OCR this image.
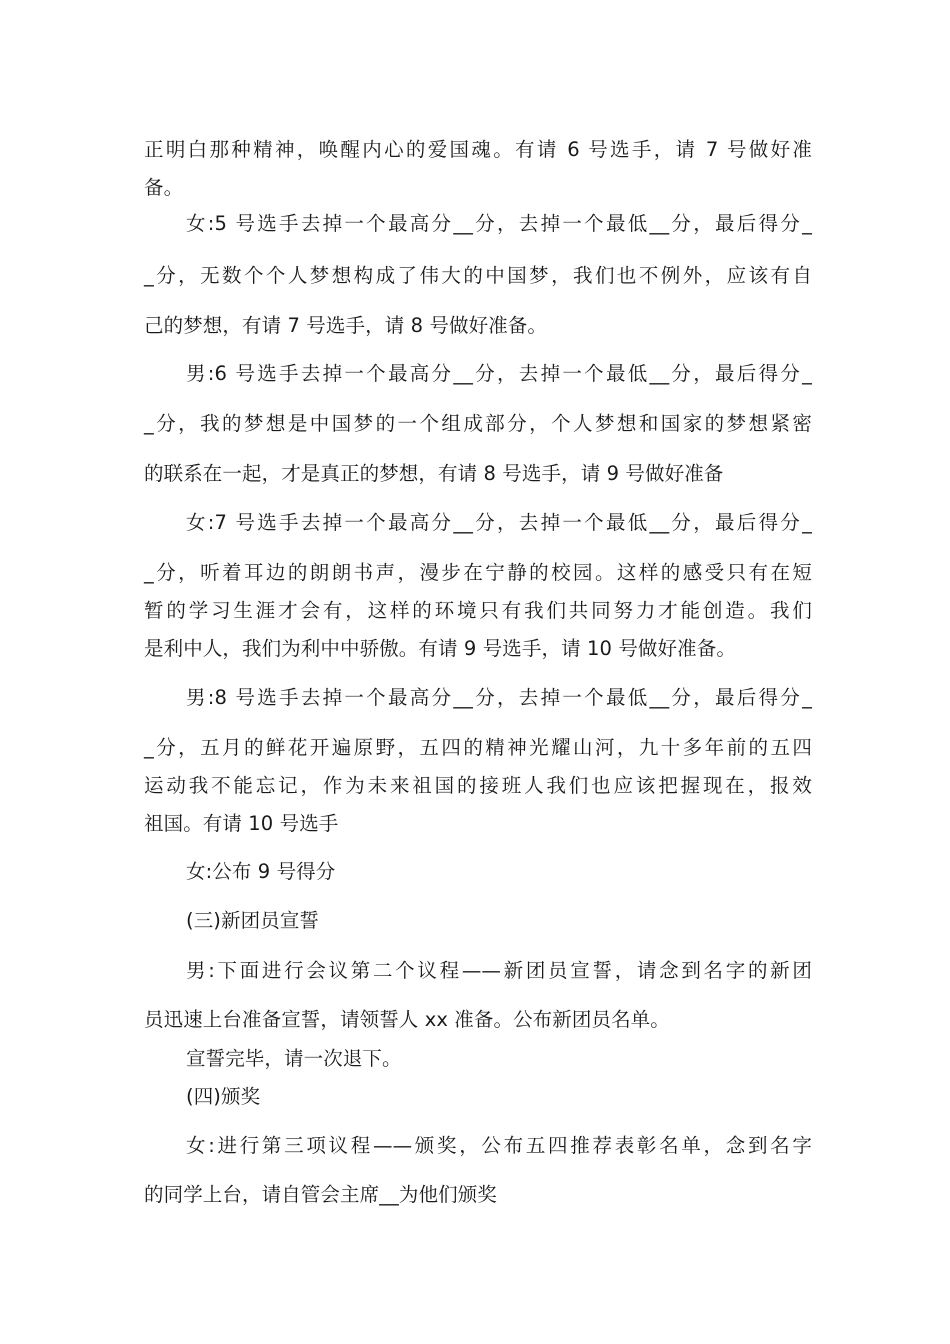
正明白那种精神，唤醒内心的爱国魂。有请 6 号选手，请 7 号做好准
备。
女:5 号选手去掉一个最高分__分，去掉一个最低__分，最后得分_
_分，无数个个人梦想构成了伟大的中国梦，我们也不例外，应该有自
己的梦想，有请 7 号选手，请 8 号做好准备。
男:6 号选手去掉一个最高分__分，去掉一个最低__分，最后得分_
_分，我的梦想是中国梦的一个组成部分，个人梦想和国家的梦想紧密
的联系在一起，才是真正的梦想，有请 8 号选手，请 9 号做好准备
女:7 号选手去掉一个最高分__分，去掉一个最低__分，最后得分_
_分，听着耳边的朗朗书声，漫步在宁静的校园。这样的感受只有在短
暂的学习生涯才会有，这样的环境只有我们共同努力才能创造。我们
是利中人，我们为利中中骄傲。有请 9 号选手，请 10 号做好准备。
男:8 号选手去掉一个最高分__分，去掉一个最低__分，最后得分_
_分，五月的鲜花开遍原野，五四的精神光耀山河，九十多年前的五四
运动我不能忘记，作为未来祖国的接班人我们也应该把握现在，报效
祖国。有请 10 号选手
女:公布 9 号得分
(三)新团员宣誓
男:下面进行会议第二个议程——新团员宣誓，请念到名字的新团
员迅速上台准备宣誓，请领誓人 xx 准备。公布新团员名单。
宣誓完毕，请一次退下。
(四)颁奖
女:进行第三项议程——颁奖，公布五四推荐表彰名单，念到名字
的同学上台，请自管会主席__为他们颁奖
